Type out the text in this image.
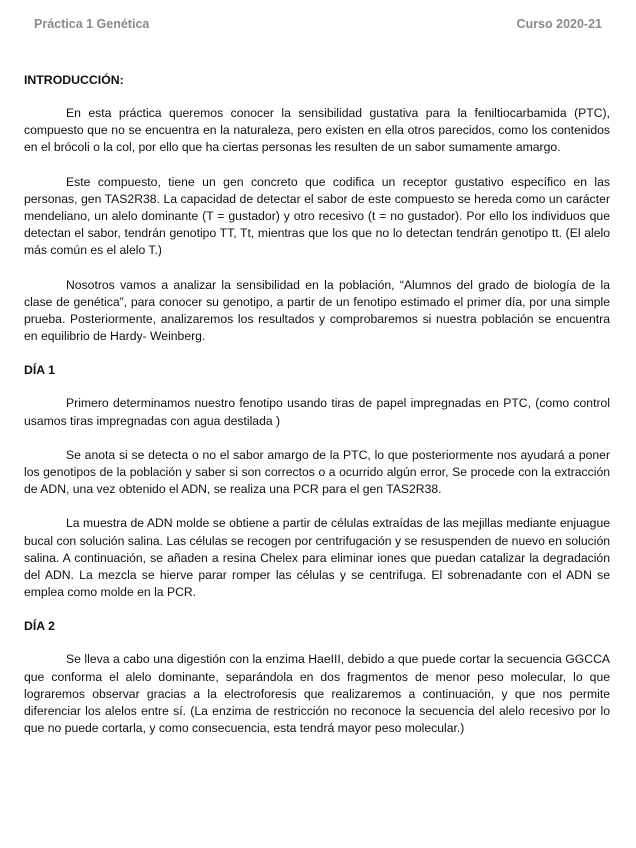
Práctica 1 Genética	Curso 2020-21
INTRODUCCIÓN:

En esta práctica queremos conocer la sensibilidad gustativa para la feniltiocarbamida (PTC), compuesto que no se encuentra en la naturaleza, pero existen en ella otros parecidos, como los contenidos en el brócoli o la col, por ello que ha ciertas personas les resulten de un sabor sumamente amargo.

Este compuesto, tiene un gen concreto que codifica un receptor gustativo específico en las personas, gen TAS2R38. La capacidad de detectar el sabor de este compuesto se hereda como un carácter mendeliano, un alelo dominante (T = gustador) y otro recesivo (t = no gustador). Por ello los individuos que detectan el sabor, tendrán genotipo TT, Tt, mientras que los que no lo detectan tendrán genotipo tt. (El alelo más común es el alelo T.)

Nosotros vamos a analizar la sensibilidad en la población, “Alumnos del grado de biología de la clase de genética”, para conocer su genotipo, a partir de un fenotipo estimado el primer día, por una simple prueba. Posteriormente, analizaremos los resultados y comprobaremos si nuestra población se encuentra en equilibrio de Hardy- Weinberg.

DÍA 1

Primero determinamos nuestro fenotipo usando tiras de papel impregnadas en PTC, (como control usamos tiras impregnadas con agua destilada )

Se anota si se detecta o no el sabor amargo de la PTC, lo que posteriormente nos ayudará a poner los genotipos de la población y saber si son correctos o a ocurrido algún error, Se procede con la extracción de ADN, una vez obtenido el ADN, se realiza una PCR para el gen TAS2R38.

La muestra de ADN molde se obtiene a partir de células extraídas de las mejillas mediante enjuague bucal con solución salina. Las células se recogen por centrifugación y se resuspenden de nuevo en solución salina. A continuación, se añaden a resina Chelex para eliminar iones que puedan catalizar la degradación del ADN. La mezcla se hierve parar romper las células y se centrifuga. El sobrenadante con el ADN se emplea como molde en la PCR.

DÍA 2

Se lleva a cabo una digestión con la enzima HaeIII, debido a que puede cortar la secuencia GGCCA que conforma el alelo dominante, separándola en dos fragmentos de menor peso molecular, lo que lograremos observar gracias a la electroforesis que realizaremos a continuación, y que nos permite diferenciar los alelos entre sí. (La enzima de restricción no reconoce la secuencia del alelo recesivo por lo que no puede cortarla, y como consecuencia, esta tendrá mayor peso molecular.)
